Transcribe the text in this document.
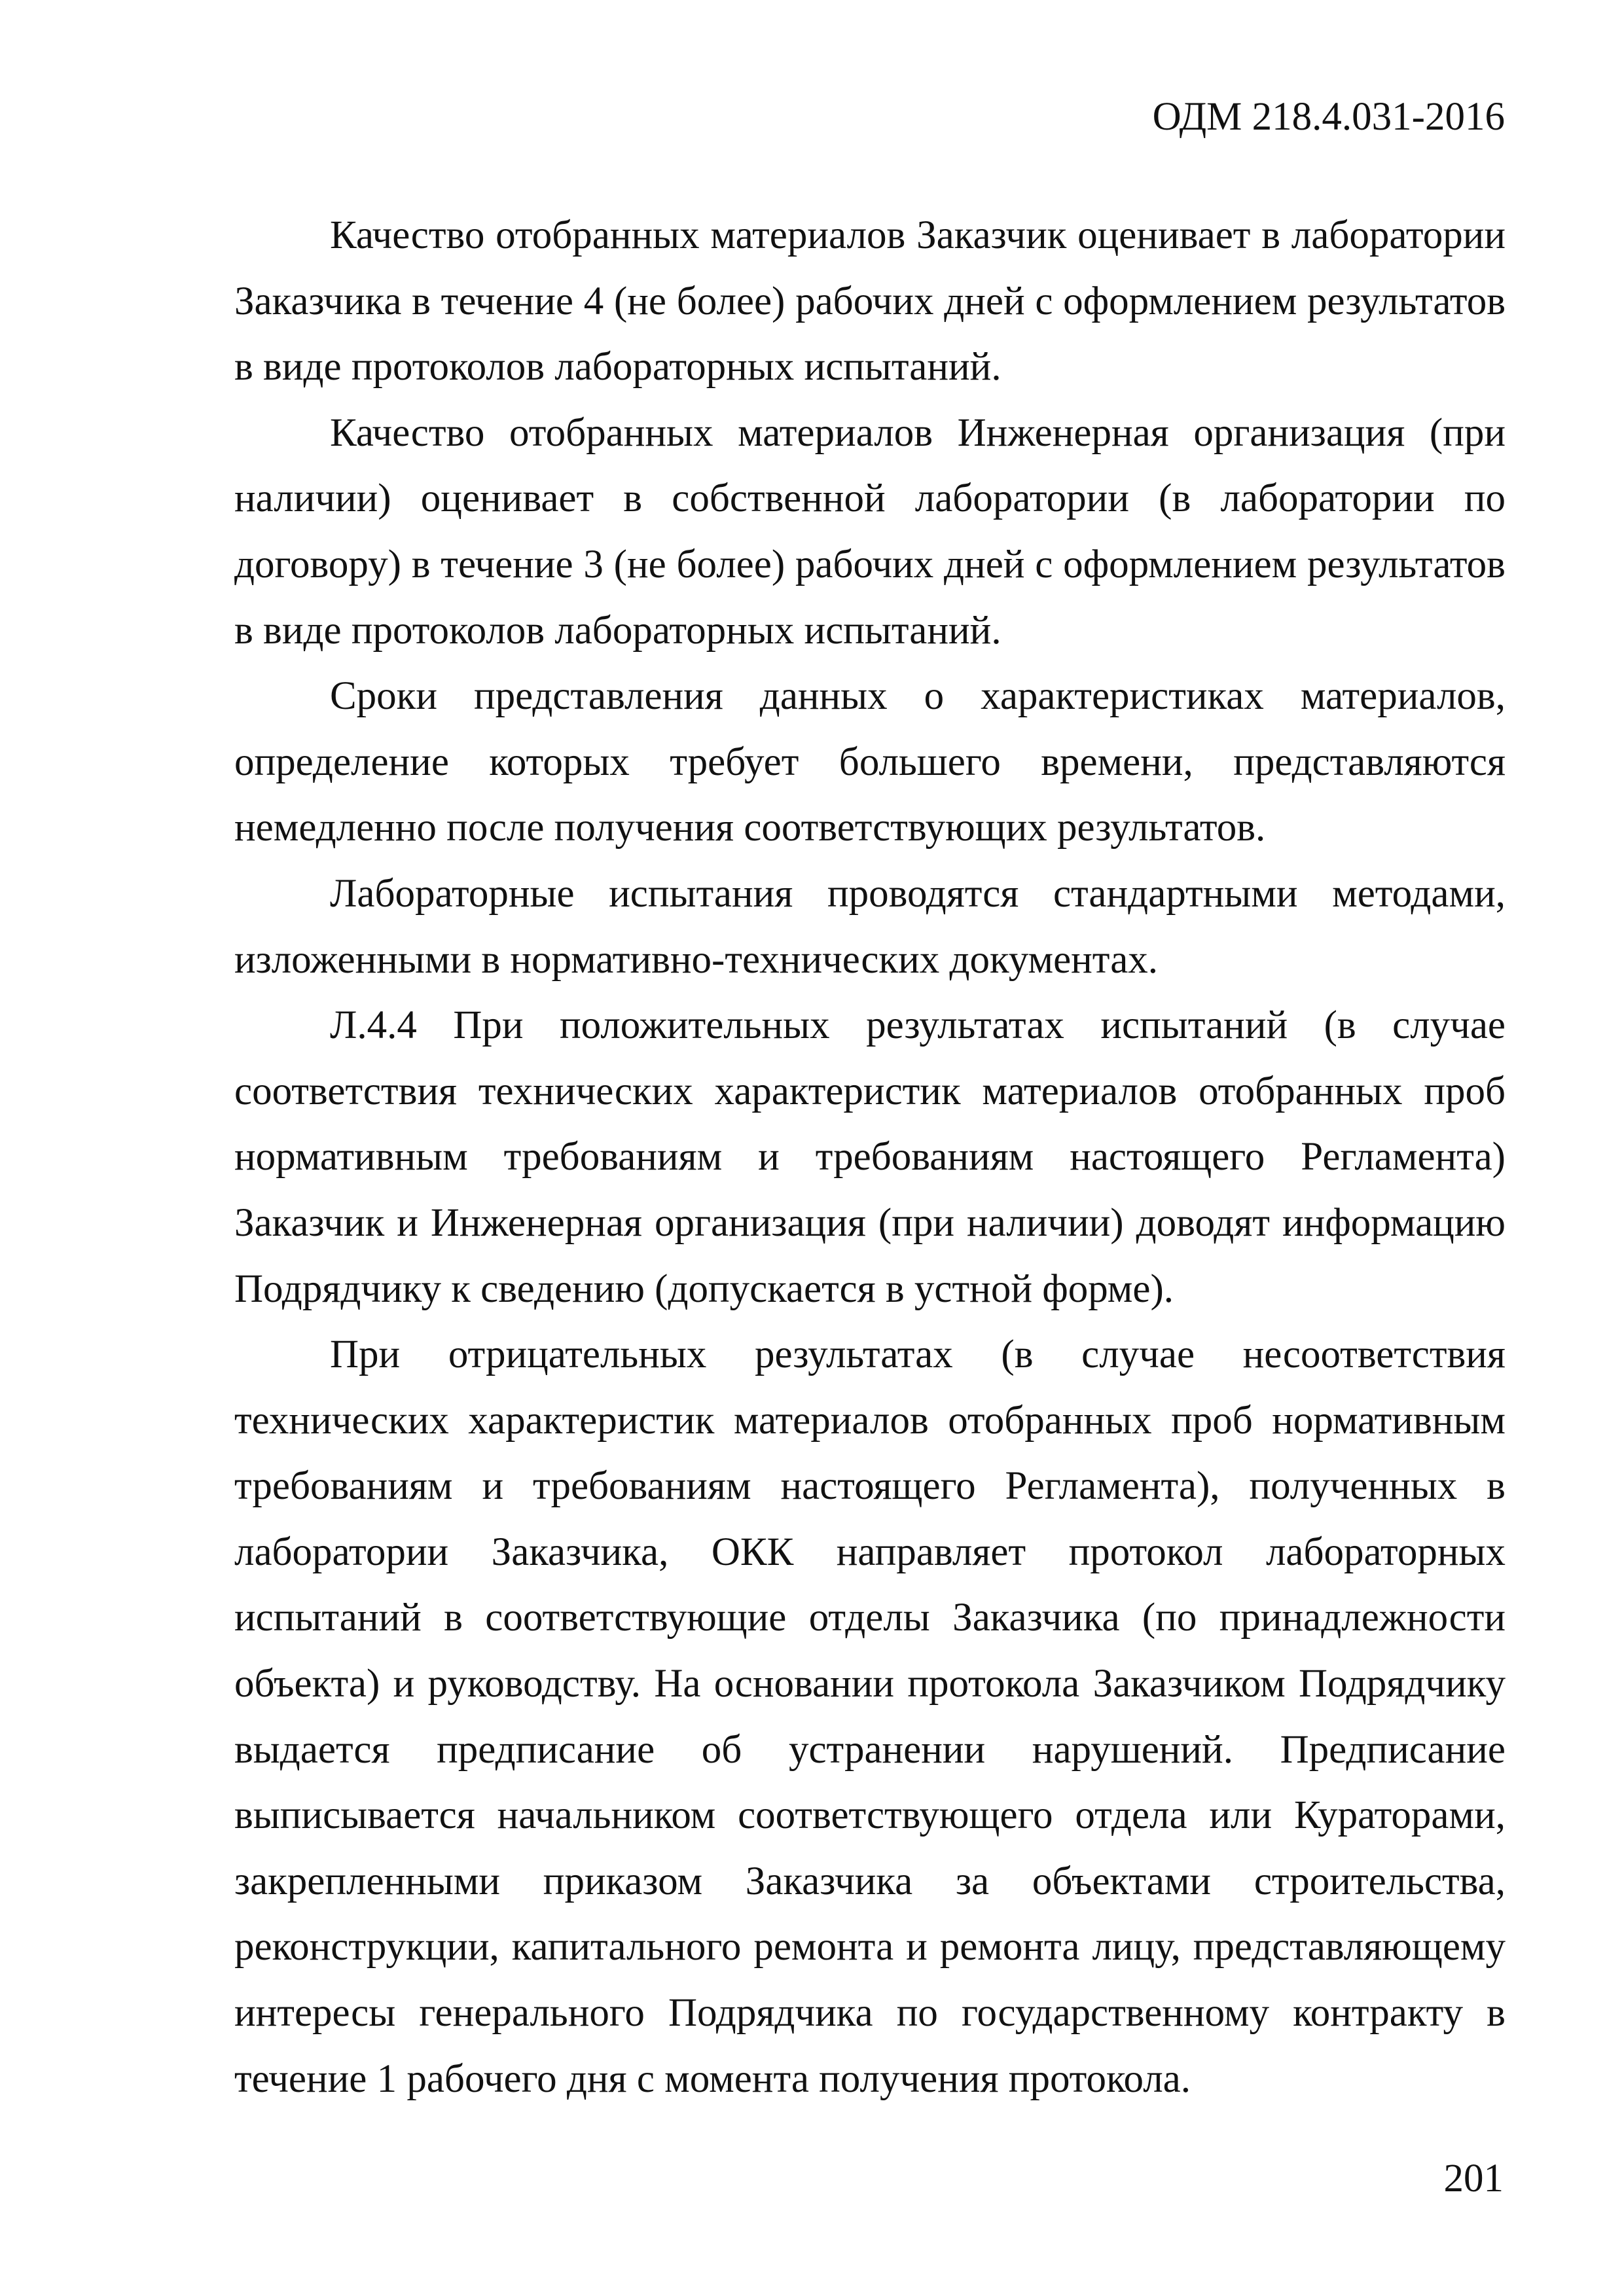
ОДМ 218.4.031-2016

Качество отобранных материалов Заказчик оценивает в лаборатории Заказчика в течение 4 (не более) рабочих дней с оформлением результатов в виде протоколов лабораторных испытаний.

Качество отобранных материалов Инженерная организация (при наличии) оценивает в собственной лаборатории (в лаборатории по договору) в течение 3 (не более) рабочих дней с оформлением результатов в виде протоколов лабораторных испытаний.

Сроки представления данных о характеристиках материалов, определение которых требует большего времени, представляются немедленно после получения соответствующих результатов.

Лабораторные испытания проводятся стандартными методами, изложенными в нормативно-технических документах.

Л.4.4 При положительных результатах испытаний (в случае соответствия технических характеристик материалов отобранных проб нормативным требованиям и требованиям настоящего Регламента) Заказчик и Инженерная организация (при наличии) доводят информацию Подрядчику к сведению (допускается в устной форме).

При отрицательных результатах (в случае несоответствия технических характеристик материалов отобранных проб нормативным требованиям и требованиям настоящего Регламента), полученных в лаборатории Заказчика, ОКК направляет протокол лабораторных испытаний в соответствующие отделы Заказчика (по принадлежности объекта) и руководству. На основании протокола Заказчиком Подрядчику выдается предписание об устранении нарушений. Предписание выписывается начальником соответствующего отдела или Кураторами, закрепленными приказом Заказчика за объектами строительства, реконструкции, капитального ремонта и ремонта лицу, представляющему интересы генерального Подрядчика по государственному контракту в течение 1 рабочего дня с момента получения протокола.

201
